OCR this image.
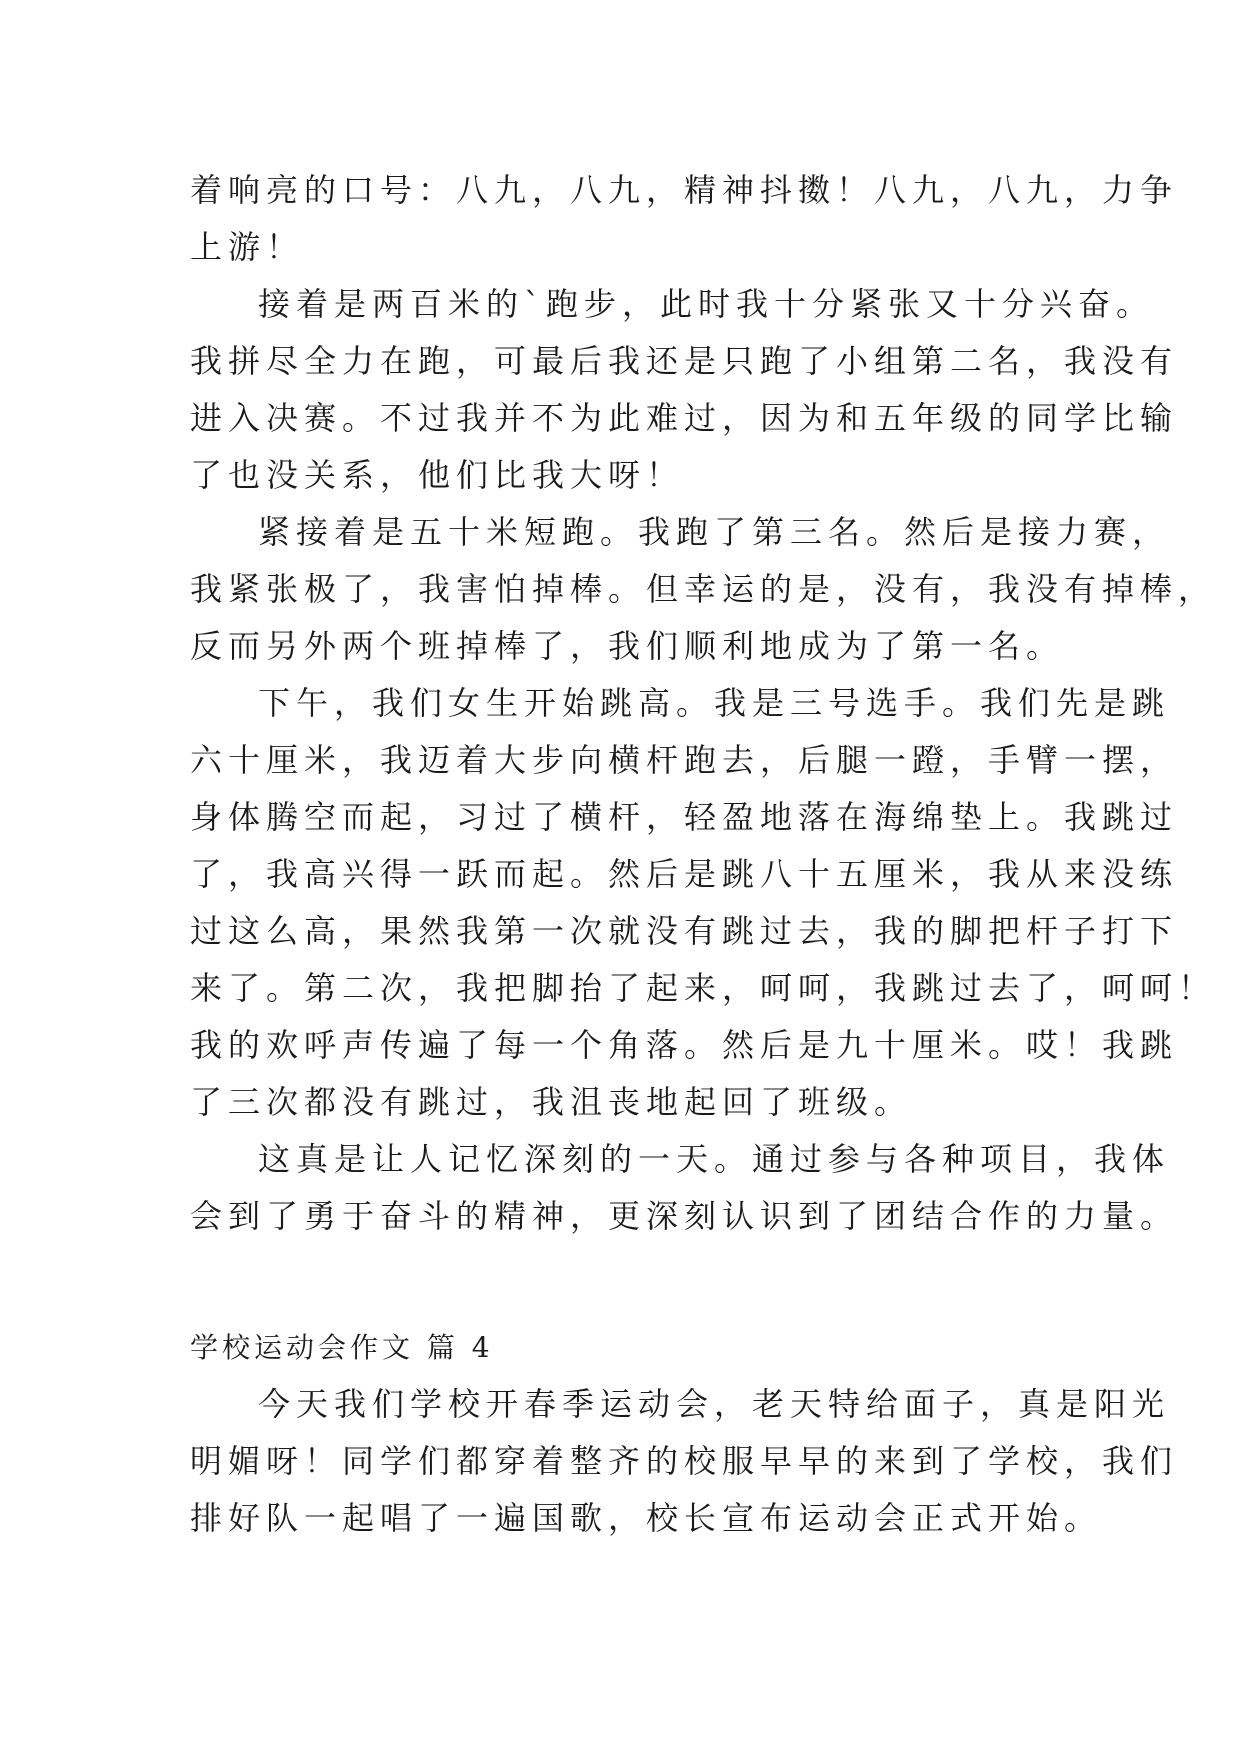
着响亮的口号：八九，八九，精神抖擞！八九，八九，力争
上游！
接着是两百米的`跑步，此时我十分紧张又十分兴奋。
我拼尽全力在跑，可最后我还是只跑了小组第二名，我没有
进入决赛。不过我并不为此难过，因为和五年级的同学比输
了也没关系，他们比我大呀！
紧接着是五十米短跑。我跑了第三名。然后是接力赛，
我紧张极了，我害怕掉棒。但幸运的是，没有，我没有掉棒，
反而另外两个班掉棒了，我们顺利地成为了第一名。
下午，我们女生开始跳高。我是三号选手。我们先是跳
六十厘米，我迈着大步向横杆跑去，后腿一蹬，手臂一摆，
身体腾空而起，习过了横杆，轻盈地落在海绵垫上。我跳过
了，我高兴得一跃而起。然后是跳八十五厘米，我从来没练
过这么高，果然我第一次就没有跳过去，我的脚把杆子打下
来了。第二次，我把脚抬了起来，呵呵，我跳过去了，呵呵！
我的欢呼声传遍了每一个角落。然后是九十厘米。哎！我跳
了三次都没有跳过，我沮丧地起回了班级。
这真是让人记忆深刻的一天。通过参与各种项目，我体
会到了勇于奋斗的精神，更深刻认识到了团结合作的力量。
学校运动会作文 篇 4
今天我们学校开春季运动会，老天特给面子，真是阳光
明媚呀！同学们都穿着整齐的校服早早的来到了学校，我们
排好队一起唱了一遍国歌，校长宣布运动会正式开始。
